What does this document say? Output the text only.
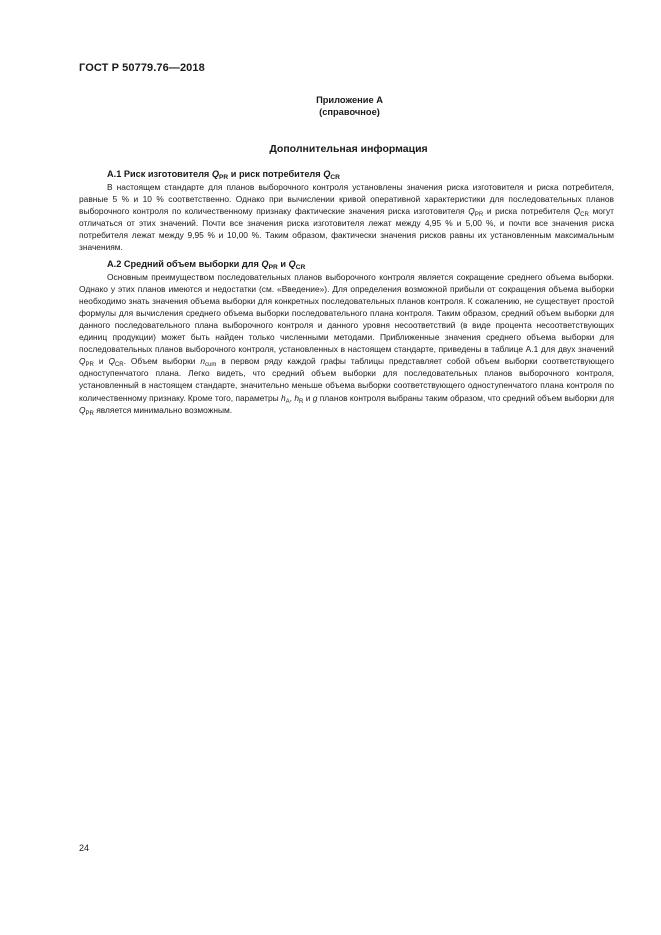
ГОСТ Р 50779.76—2018
Приложение А
(справочное)
Дополнительная информация
А.1 Риск изготовителя $Q_{PR}$ и риск потребителя $Q_{CR}$

В настоящем стандарте для планов выборочного контроля установлены значения риска изготовителя и риска потребителя, равные 5 % и 10 % соответственно. Однако при вычислении кривой оперативной характеристики для последовательных планов выборочного контроля по количественному признаку фактические значения риска изготовителя $Q_{PR}$ и риска потребителя $Q_{CR}$ могут отличаться от этих значений. Почти все значения риска изготовителя лежат между 4,95 % и 5,00 %, и почти все значения риска потребителя лежат между 9,95 % и 10,00 %. Таким образом, фактически значения рисков равны их установленным максимальным значениям.

А.2 Средний объем выборки для $Q_{PR}$ и $Q_{CR}$

Основным преимуществом последовательных планов выборочного контроля является сокращение среднего объема выборки. Однако у этих планов имеются и недостатки (см. «Введение»). Для определения возможной прибыли от сокращения объема выборки необходимо знать значения объема выборки для конкретных последовательных планов контроля. К сожалению, не существует простой формулы для вычисления среднего объема выборки последовательного плана контроля. Таким образом, средний объем выборки для данного последовательного плана выборочного контроля и данного уровня несоответствий (в виде процента несоответствующих единиц продукции) может быть найден только численными методами. Приближенные значения среднего объема выборки для последовательных планов выборочного контроля, установленных в настоящем стандарте, приведены в таблице А.1 для двух значений $Q_{PR}$ и $Q_{CR}$. Объем выборки $n_{cum}$ в первом ряду каждой графы таблицы представляет собой объем выборки соответствующего одноступенчатого плана. Легко видеть, что средний объем выборки для последовательных планов выборочного контроля, установленный в настоящем стандарте, значительно меньше объема выборки соответствующего одноступенчатого плана контроля по количественному признаку. Кроме того, параметры $h_A$, $h_R$ и g планов контроля выбраны таким образом, что средний объем выборки для $Q_{PR}$ является минимально возможным.

24
